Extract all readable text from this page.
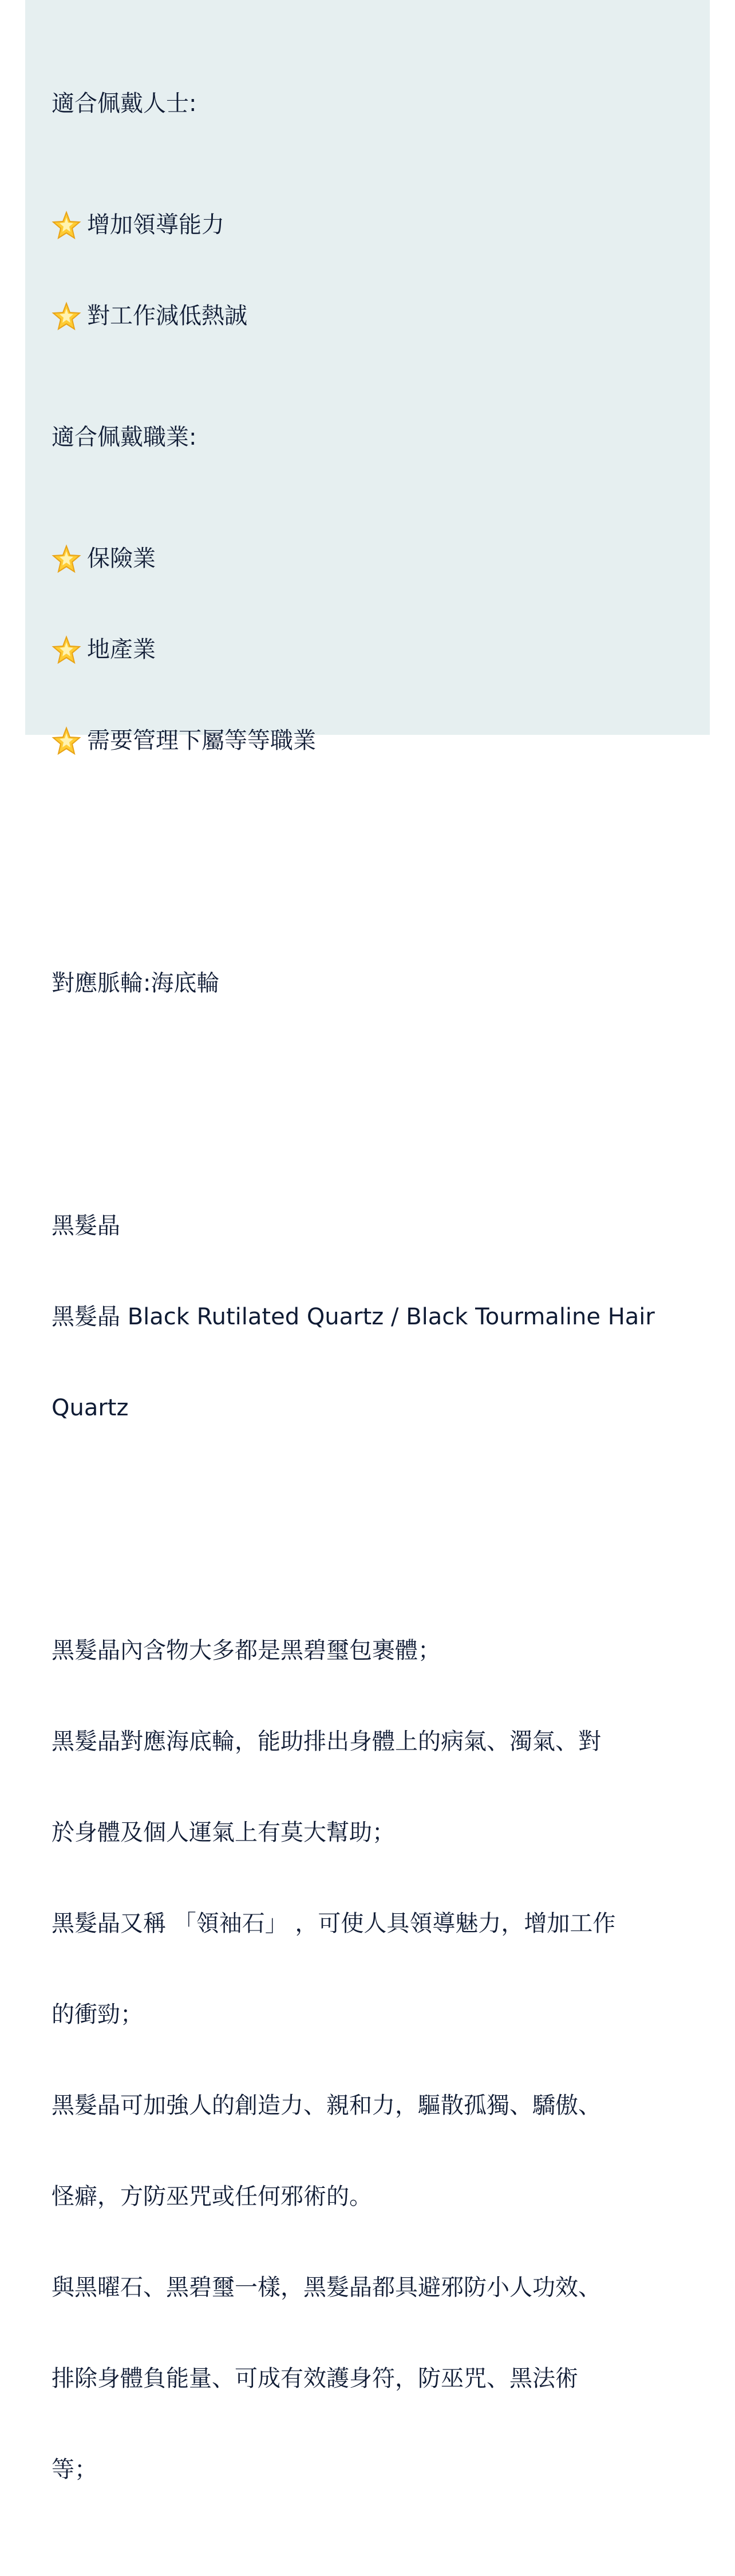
適合佩戴人士:

增加領導能力

對工作減低熱誠

適合佩戴職業:

保險業

地產業

需要管理下屬等等職業

對應脈輪:海底輪

黑髮晶

黑髮晶 Black Rutilated Quartz / Black Tourmaline Hair

Quartz

黑髮晶內含物大多都是黑碧璽包裹體；

黑髮晶對應海底輪，能助排出身體上的病氣、濁氣、對

於身體及個人運氣上有莫大幫助；

黑髮晶又稱 「領袖石」 ，可使人具領導魅力，增加工作

的衝勁；

黑髮晶可加強人的創造力、親和力，驅散孤獨、驕傲、

怪癖，方防巫咒或任何邪術的。

與黑曜石、黑碧璽一樣，黑髮晶都具避邪防小人功效、

排除身體負能量、可成有效護身符，防巫咒、黑法術

等；
